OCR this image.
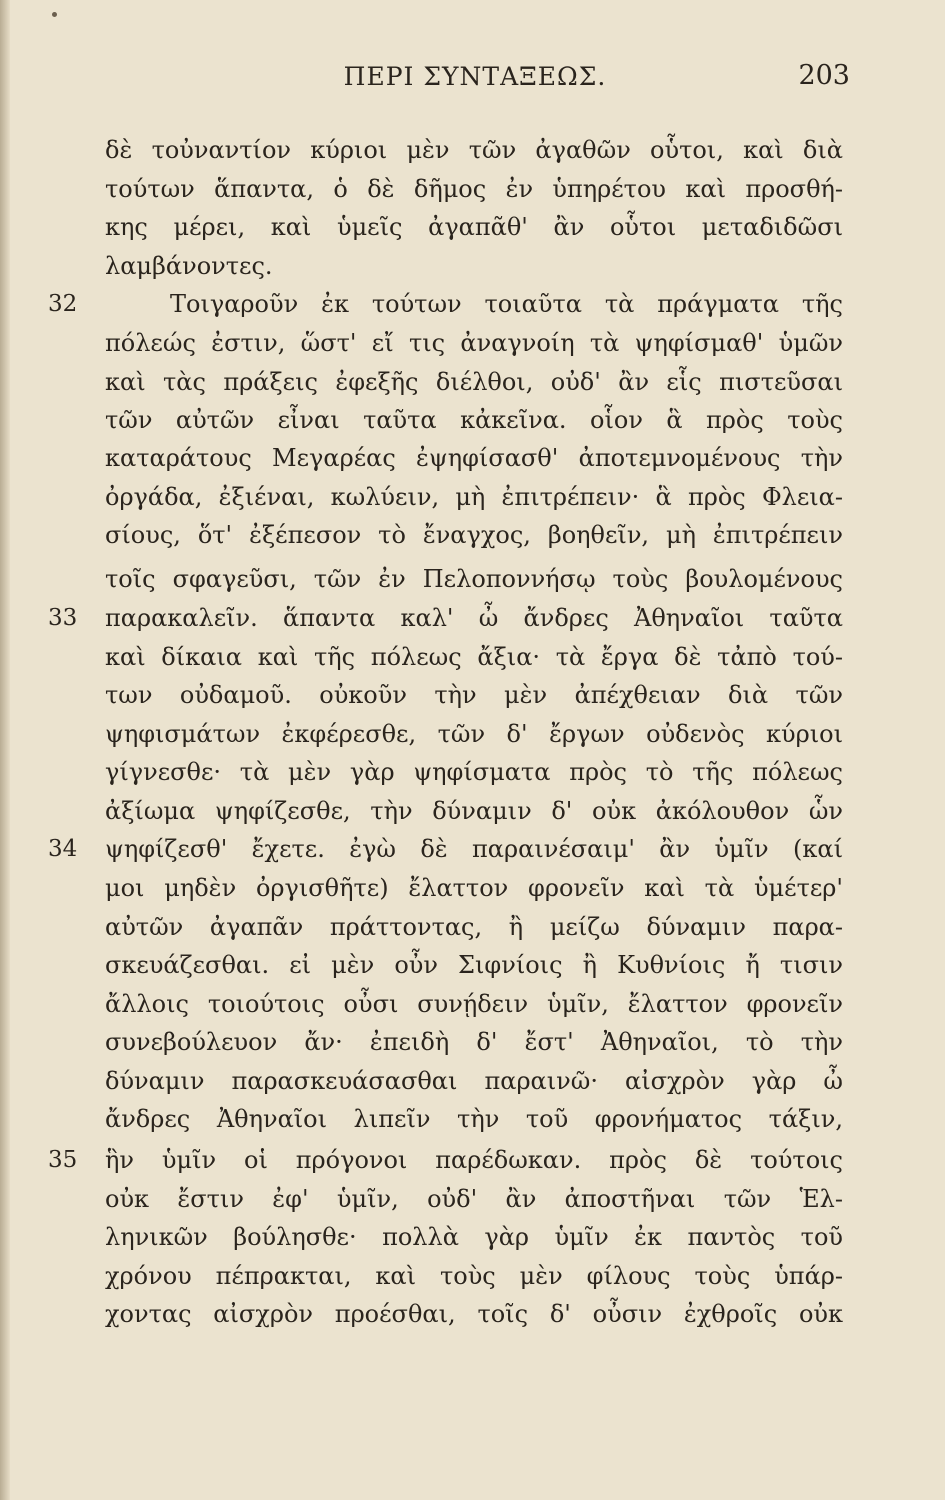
ΠΕΡΙ ΣΥΝΤΑΞΕΩΣ.	203
32
33
34
35
δὲ τοὐναντίον κύριοι μὲν τῶν ἀγαθῶν οὗτοι, καὶ διὰ
τούτων ἅπαντα, ὁ δὲ δῆμος ἐν ὑπηρέτου καὶ προσθή-
κης μέρει, καὶ ὑμεῖς ἀγαπᾶθ' ἂν οὗτοι μεταδιδῶσι
λαμβάνοντες.
Τοιγαροῦν ἐκ τούτων τοιαῦτα τὰ πράγματα τῆς
πόλεώς ἐστιν, ὥστ' εἴ τις ἀναγνοίη τὰ ψηφίσμαθ' ὑμῶν
καὶ τὰς πράξεις ἐφεξῆς διέλθοι, οὐδ' ἂν εἷς πιστεῦσαι
τῶν αὐτῶν εἶναι ταῦτα κἀκεῖνα. οἷον ἃ πρὸς τοὺς
καταράτους Μεγαρέας ἐψηφίσασθ' ἀποτεμνομένους τὴν
ὀργάδα, ἐξιέναι, κωλύειν, μὴ ἐπιτρέπειν· ἃ πρὸς Φλεια-
σίους, ὅτ' ἐξέπεσον τὸ ἔναγχος, βοηθεῖν, μὴ ἐπιτρέπειν
τοῖς σφαγεῦσι, τῶν ἐν Πελοποννήσῳ τοὺς βουλομένους
παρακαλεῖν. ἅπαντα καλ' ὦ ἄνδρες Ἀθηναῖοι ταῦτα
καὶ δίκαια καὶ τῆς πόλεως ἄξια· τὰ ἔργα δὲ τἀπὸ τού-
των οὐδαμοῦ. οὐκοῦν τὴν μὲν ἀπέχθειαν διὰ τῶν
ψηφισμάτων ἐκφέρεσθε, τῶν δ' ἔργων οὐδενὸς κύριοι
γίγνεσθε· τὰ μὲν γὰρ ψηφίσματα πρὸς τὸ τῆς πόλεως
ἀξίωμα ψηφίζεσθε, τὴν δύναμιν δ' οὐκ ἀκόλουθον ὧν
ψηφίζεσθ' ἔχετε. ἐγὼ δὲ παραινέσαιμ' ἂν ὑμῖν (καί
μοι μηδὲν ὀργισθῆτε) ἔλαττον φρονεῖν καὶ τὰ ὑμέτερ'
αὐτῶν ἀγαπᾶν πράττοντας, ἢ μείζω δύναμιν παρα-
σκευάζεσθαι. εἰ μὲν οὖν Σιφνίοις ἢ Κυθνίοις ἤ τισιν
ἄλλοις τοιούτοις οὖσι συνῄδειν ὑμῖν, ἔλαττον φρονεῖν
συνεβούλευον ἄν· ἐπειδὴ δ' ἔστ' Ἀθηναῖοι, τὸ τὴν
δύναμιν παρασκευάσασθαι παραινῶ· αἰσχρὸν γὰρ ὦ
ἄνδρες Ἀθηναῖοι λιπεῖν τὴν τοῦ φρονήματος τάξιν,
ἣν ὑμῖν οἱ πρόγονοι παρέδωκαν. πρὸς δὲ τούτοις
οὐκ ἔστιν ἐφ' ὑμῖν, οὐδ' ἂν ἀποστῆναι τῶν Ἑλ-
ληνικῶν βούλησθε· πολλὰ γὰρ ὑμῖν ἐκ παντὸς τοῦ
χρόνου πέπρακται, καὶ τοὺς μὲν φίλους τοὺς ὑπάρ-
χοντας αἰσχρὸν προέσθαι, τοῖς δ' οὖσιν ἐχθροῖς οὐκ
